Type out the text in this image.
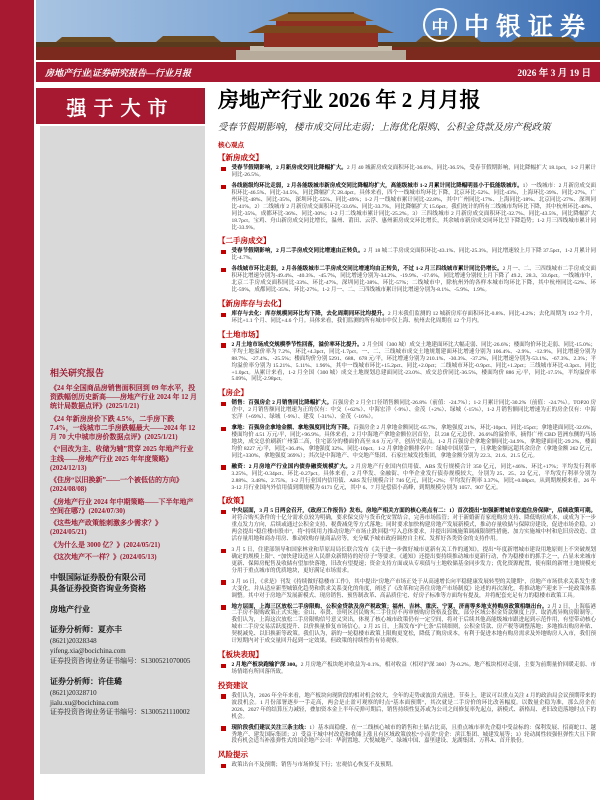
中 中银证券
房地产行业|证券研究报告—行业月报	2026 年 3 月 19 日
强于大市
相关研究报告
《24 年全国商品房销售面积回到 09 年水平，投资跌幅创历史新高——房地产行业 2024 年 12 月统计局数据点评》(2025/1/21)
《24 年新房房价下跌 4.5%，二手房下跌 7.4%，一线城市二手房跌幅最大——2024 年 12 月 70 大中城市房价数据点评》(2025/1/21)
《“回改为主、收储为辅”贯穿 2025 年地产行业主线——房地产行业 2025 年年度策略》(2024/12/13)
《住房“以旧换新”——一个被低估的方向》(2024/08/08)
《房地产行业 2024 年中期策略——下半年地产空间在哪?》(2024/07/30)
《这些地产政策能刺激多少需求？》(2024/05/21)
《为什么是 3000 亿？》(2024/05/21)
《这次地产不一样？》(2024/05/13)
中银国际证券股份有限公司
具备证券投资咨询业务资格
房地产行业
证券分析师：夏亦丰
(8621)20328348
yifeng.xia@bocichina.com
证券投资咨询业务证书编号：S1300521070005
证券分析师：许佳璐
(8621)20328710
jialu.xu@bocichina.com
证券投资咨询业务证书编号：S1300521110002
房地产行业 2026 年 2 月月报
受春节假期影响，楼市成交同比走弱；上海优化限购、公积金贷款及房产税政策
核心观点
【新房成交】
受春节假期影响，2 月新房成交同比降幅扩大。2 月 40 城新房成交面积环比-36.6%，同比-36.5%，受春节假期影响，同比降幅扩大 18.1pct，1-2 月累计同比-26.5%。
各线能级均环比走弱，2 月各能级城市新房成交同比降幅均扩大，高能级城市 1-2 月累计同比降幅明显小于低能级城市。1）一线城市：2 月新房成交面积环比-46.5%、同比-34.5%，同比降幅扩大 28.4pct。具体来看，四个一线城市均环比下降，北京环比-52%、同比-43%，上海环比-39%、同比-27%，广州环比-48%、同比-35%，深圳环比-55%、同比-49%；1-2 月一线城市累计同比-22.8%，其中广州同比-17%、上海同比-18%、北京同比-27%、深圳同比-41%。2）二线城市 2 月新房成交面积环比-33.6%、同比-33.7%，同比降幅扩大 15.6pct。我们统计的所有二线城市均环比下降，其中杭州环比-48%、同比-35%，成都环比-36%、同比-30%；1-2 月二线城市累计同比-25.2%。3）三四线城市 2 月新房成交面积环比-32.7%、同比-43.5%，同比降幅扩大 18.7pct。宝鸡、舟山新房成交同比增长，温州、莆田、云浮、惠州新房成交环比增长，其余城市新房成交同环比呈下降趋势；1-2 月三四线城市累计同比-33.9%。
【二手房成交】
受春节假期影响，2 月二手房成交同比增速由正转负。2 月 18 城二手房成交面积环比-43.1%、同比-25.3%，同比增速较上月下降 37.5pct，1-2 月累计同比-4.7%。
各线城市环比走弱，2 月各能级城市二手房成交同比增速均由正转负，不过 1-2 月三四线城市累计同比仍增长。2 月一、二、三四线城市二手房成交面积环比增速分别为-49.4%、-40.3%、-45.7%，同比增速分别为-34.2%、-19.9%、-17.6%，同比增速分别较上月下降了 49.2、28.3、33.6pct。一线城市中，北京二手房成交面积同比-33%、环比-47%，深圳同比-38%、环比-57%；二线城市中，除杭州外的各样本城市均环比下降，其中杭州同比-52%、环比-59%，成都同比-35%、环比-27%。1-2 月一、二、三四线城市累计同比增速分别为-8.1%、-5.9%、1.9%。
【新房库存与去化】
库存与去化：库存规模同环比均下降，去化周期同环比均提升。2 月末我们监测的 12 城新房库存面积环比-0.8%、同比-4.2%；去化周期为 19.2 个月，环比+1.1 个月、同比+4.6 个月。具体来看，我们监测的所有城市中仅上海、杭州去化周期在 12 个月内。
【土地市场】
2 月土地市场成交规模季节性回落，溢价率环比提升。2 月全国（300 城）成交土地建面环比大幅走弱、同比-26.6%；楼面均价环比走弱、同比-15.0%；平均土地溢价率为 7.2%，环比+4.3pct，同比-1.7pct。一、二、三线城市成交土地规划建面环比增速分别为 106.4%、-2.9%、-12.9%，同比增速分别为 88.7%、-27.4%、-25.5%；楼面均价分别 5291、688、678 元/平，环比增速分别为 210.1%、-30.3%、-37.2%，同比增速分别为-53.1%、-67.3%、2.3%；平均溢价率分别为 15.21%、5.11%、1.96%，其中一线城市环比+15.2pct、同比+2.0pct；二线城市环比-0.9pct、同比+1.2pct；三线城市环比-0.3pct、同比+1.0pct。从累计来看，1-2 月全国（300 城）成交土地规划总建面同比-23.0%、成交总价同比-36.5%，楼面均价 886 元/平，同比-17.5%，平均溢价率 5.09%，同比-2.98pct。
【房企】
销售：百强房企 2 月销售同比降幅扩大。百强房企 2 月全口径销售额同比-26.8%（前值：-24.7%）；1-2 月累计同比-30.2%（前值：-24.7%）。TOP20 房企中，2 月销售额同比增速为正的仅有：中交（+62%）、中海宏洋（-9%）、金茂（+2%）、绿城（-15%），1-2 月销售额同比增速为正的房企仅有：中海宏洋（+69%）、绿城（-9%）、建发（-31%）、金茂（-16%）。
拿地：百强房企拿地金额、拿地强度同比均下降。百强房企 2 月拿地金额同比-65.7%，拿地强度 21%，环比-10pct、同比-15pct；拿地建面同比-32.6%，楼面均价 4.51 万元/平，同比+96.9%。具体来看，2 月中海地产拿地金额位居首位，以 238 亿元总价、26.6%的溢价率，摘得广州 CBD 琶洲东侧的马场地块，成交总价刷新广州第二高，住宅部分的楼面价高至 8.6 万元/平，创历史高点。1-2 月百强房企拿地金额同比-34.9%，拿地建面同比-29.2%，楼面均价 8227 元/平，同比+36.4%，拿地强度 32%、同比-10pct。1-2 月拿地金额排名中：绿城中国居第一，且拿地金额远超其余房企（拿地金额 262 亿元，同比+330%，拿地强度 369%）；其次是中海地产、中交地产集团、石家庄城发投集团，拿地金额分别为 22.3、21.6、21.5 亿元。
融资：2 月房地产行业国内债券融资规模扩大。2 月房地产行业国内信用债、ABS 发行规模合计 350 亿元，同比+46%、环比+17%；平均发行利率 3.25%，同比-0.34pct、环比-0.27pct。具体来看，2 月华发、金融街、中华企业发行债券规模较大，分别为 25、25、22 亿元，平均发行利率分别为 2.88%、3.48%、2.75%。1-2 月行业国内信用债、ABS 发行规模合计 746 亿元，同比+2%；平均发行利率 3.37%，同比+0.08pct。从到期规模来看，26 年 3-12 月行业国内外信用债到期规模为 6171 亿元，其中 6、7 月是偿债小高峰，到期规模分别为 1057、907 亿元。
【政策】
中央层面，3 月 5 日两会召开，《政府工作报告》发布。房地产相关方面的核心亮点有二：1）首次提出“加强新增城市家庭住房保障”，后续政策可期。对符合购买条件的十亿分需求点较为明确，要求保交房与货币化安置结合，完善市场监管；对于新婚新育家庭购房支持、降低购房成本，或成为下一步重点发力方向，后续或通过公积金支持、税费减免等方式落地；同时要求加快构建房地产发展新模式，推动存量收储与保障房建设，促进市场企稳。2）两会提出“稳住楼市股市”，将“持续用力推动房地产市场止跌回稳”写入总体要求，并提出因城施策调减限制性措施、加力实施城中村和危旧房改造、盘活存量用地和商办用房、推动收购存量商品房等，充分赋予城市政府调控自主权、发挥好各类资金的支持作用。
3 月 5 日，住建部领导和国家林业和草原局局长联合发布《关于进一步做好城市更新有关工作的通知》，提出“年度新增城市建设用地原则上不突破规划确定的规模上限”、“加快建设适应人民群众新期待的好房子”等要求。《通知》还提出要持续推动城市更新行动，作为稳楼市的抓手之一，凸显未来城市更新、保障房配售及收储有望加快落地，旧改有望提速；资金支持方面或从专项债与土地收储基金同步发力；优化资源配置，使有限的新增土地规模充分用于重点城市的优质地块，更好满足市场需求。
3 月 16 日，《求是》刊发《持续做好稳楼市工作》，其中提出“房地产市场正处于从高速增长向平稳健康发展转型的关键期”，房地产市场供求关系发生重大变化，并从适应新型城镇化趋势和供求关系变化的角度，阐述了《改革和完善住房地产市场制度》论述的再次深化，将推动地产迎来下一轮政策体系调整。其中对于房地产发展新模式、现房销售、预售制改革、高品质住宅、好房子标准等方面均有提及，并将配套充足有力的稳楼市政策工具。
地方层面，上海三区放松二手房限购、公积金贷款及房产税政策；福州、吉林、重庆、宁夏、济南等多地支持购房政策相继出台。2 月 2 日，上海临港二手房不限购政策正式实施；金山、奉贤、崇明区居民购买二手住房不再审核购房资格及套数，部分区域公积金贷款额度上浮、取消离异购房限制等。我们认为，上海这次放松二手房限购信号意义突出，体现了核心城市政策仍有一定空间，将对于后续其他高能级城市跟进起到示范作用，有望带动核心城市二手房交易活跃度提升、以价换量修复市场信心。2 月 25 日，上海发布“沪七条”后续细则，公积金贷款、房产税等调整落地；多地推出购房补贴、契税减免、以旧换新等政策。我们认为，新的一轮稳楼市政策上限购更宽松，降低了购房成本，有利于促进本地有购房需求及外地购房人入市，我们预计短期内对于成交量回升起到一定效果，但政策的持续性仍有待观察。
【板块表现】
2 月地产板块跑输沪深 300。2 月房地产板块绝对收益为-0.1%，相对收益（相对沪深 300）为-0.2%。地产板块相对走弱，主要为前期量价回暖走弱、市场情绪有所回落所致。
投资建议
我们认为，2026 年全年来看，地产板块向现阶段的相对机会较大，全年的走势或波浪式前进。节奏上，建议可以重点关注 4 月的政治局会议预期带来的波段机会。1 月份部署逐步一手走高，两会是止盈可观察的时点“基本面预期”，其次就是二手房价的环比改善幅度。以数量企稳为准，那么房企在 2026、2027 年的结算压力减轻，叠加资本金上半年反弹可期后，销售持续性复苏或为公司之间修复率先起点，新模式、新格局、老旧改造落地时点下的机会。
现阶段我们建议关注三条主线：1）基本面稳健、在一二线核心城市的销售和土储占比高，且重点城市率先企稳中受益标的：保利发展、招商蛇口、越秀地产、建发国际集团；2）受益于城中村改造和收储上涨且有区域政策放松“小而美”房企：滨江集团、城建发展等；3）轮动属性较强但弹性大且下阶段有机会适当补涨弹性式的国企地产公司：华润置地、大悦城地产、绿城中国、嘉里建设、龙湖集团、万科A、首开股份。
风险提示
政策出台不及预期；销售与市场修复下行；宏观信心恢复不及预期。
